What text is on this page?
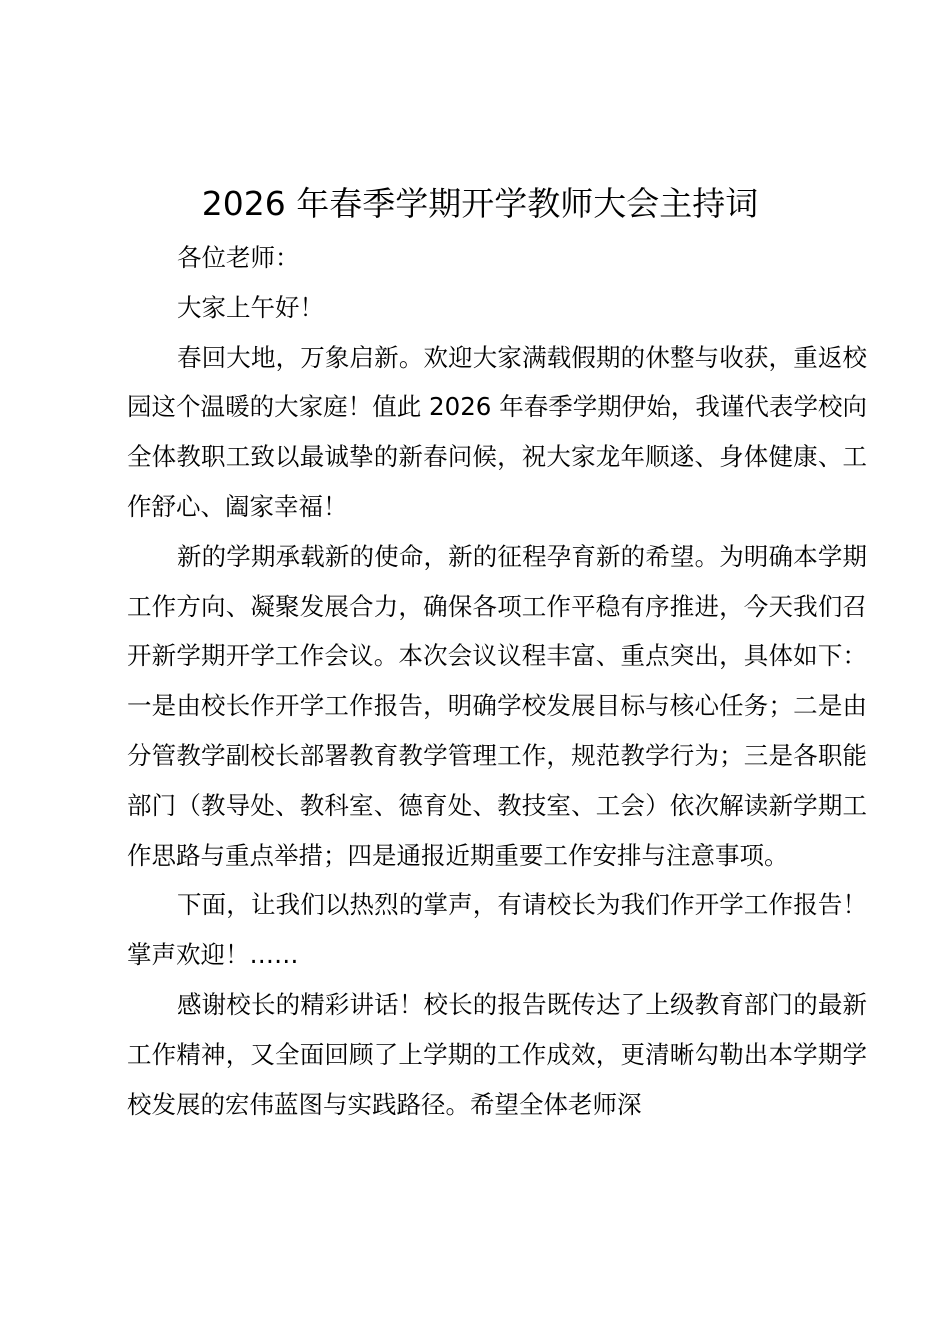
2026 年春季学期开学教师大会主持词

各位老师：

大家上午好！

春回大地，万象启新。欢迎大家满载假期的休整与收获，重返校园这个温暖的大家庭！值此 2026 年春季学期伊始，我谨代表学校向全体教职工致以最诚挚的新春问候，祝大家龙年顺遂、身体健康、工作舒心、阖家幸福！

新的学期承载新的使命，新的征程孕育新的希望。为明确本学期工作方向、凝聚发展合力，确保各项工作平稳有序推进，今天我们召开新学期开学工作会议。本次会议议程丰富、重点突出，具体如下：一是由校长作开学工作报告，明确学校发展目标与核心任务；二是由分管教学副校长部署教育教学管理工作，规范教学行为；三是各职能部门（教导处、教科室、德育处、教技室、工会）依次解读新学期工作思路与重点举措；四是通报近期重要工作安排与注意事项。

下面，让我们以热烈的掌声，有请校长为我们作开学工作报告！掌声欢迎！……

感谢校长的精彩讲话！校长的报告既传达了上级教育部门的最新工作精神，又全面回顾了上学期的工作成效，更清晰勾勒出本学期学校发展的宏伟蓝图与实践路径。希望全体老师深
